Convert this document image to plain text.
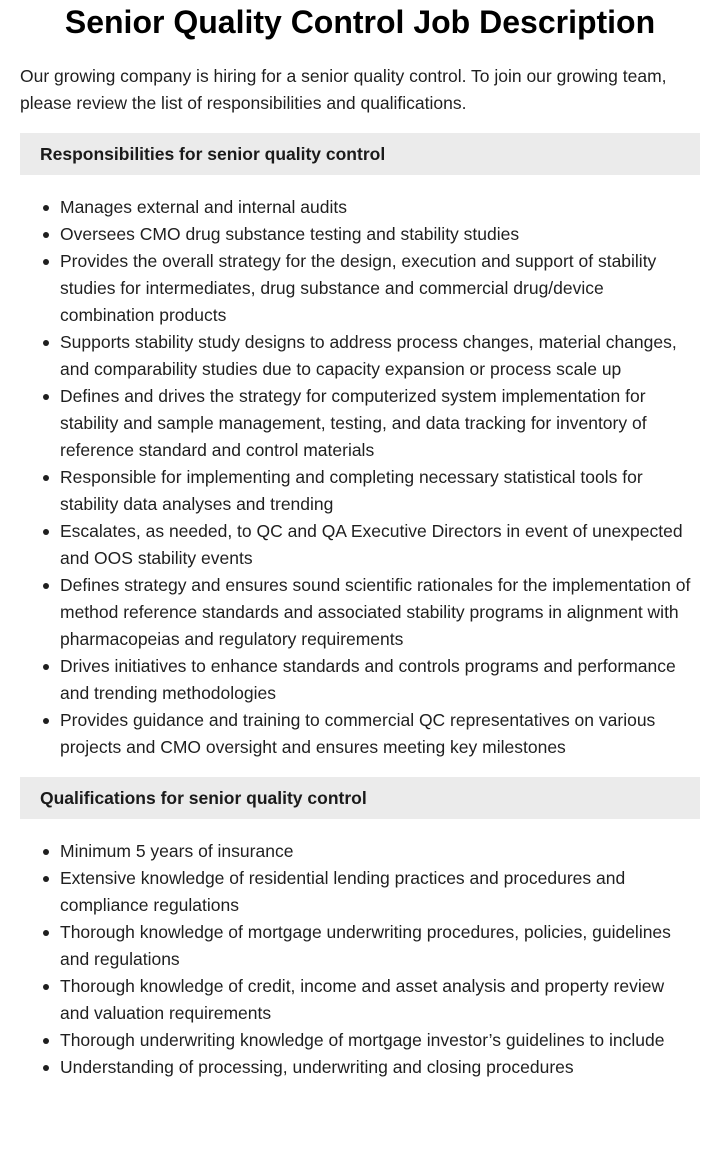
Senior Quality Control Job Description

Our growing company is hiring for a senior quality control. To join our growing team, please review the list of responsibilities and qualifications.

Responsibilities for senior quality control
Manages external and internal audits
Oversees CMO drug substance testing and stability studies
Provides the overall strategy for the design, execution and support of stability studies for intermediates, drug substance and commercial drug/device combination products
Supports stability study designs to address process changes, material changes, and comparability studies due to capacity expansion or process scale up
Defines and drives the strategy for computerized system implementation for stability and sample management, testing, and data tracking for inventory of reference standard and control materials
Responsible for implementing and completing necessary statistical tools for stability data analyses and trending
Escalates, as needed, to QC and QA Executive Directors in event of unexpected and OOS stability events
Defines strategy and ensures sound scientific rationales for the implementation of method reference standards and associated stability programs in alignment with pharmacopeias and regulatory requirements
Drives initiatives to enhance standards and controls programs and performance and trending methodologies
Provides guidance and training to commercial QC representatives on various projects and CMO oversight and ensures meeting key milestones
Qualifications for senior quality control
Minimum 5 years of insurance
Extensive knowledge of residential lending practices and procedures and compliance regulations
Thorough knowledge of mortgage underwriting procedures, policies, guidelines and regulations
Thorough knowledge of credit, income and asset analysis and property review and valuation requirements
Thorough underwriting knowledge of mortgage investor’s guidelines to include
Understanding of processing, underwriting and closing procedures
